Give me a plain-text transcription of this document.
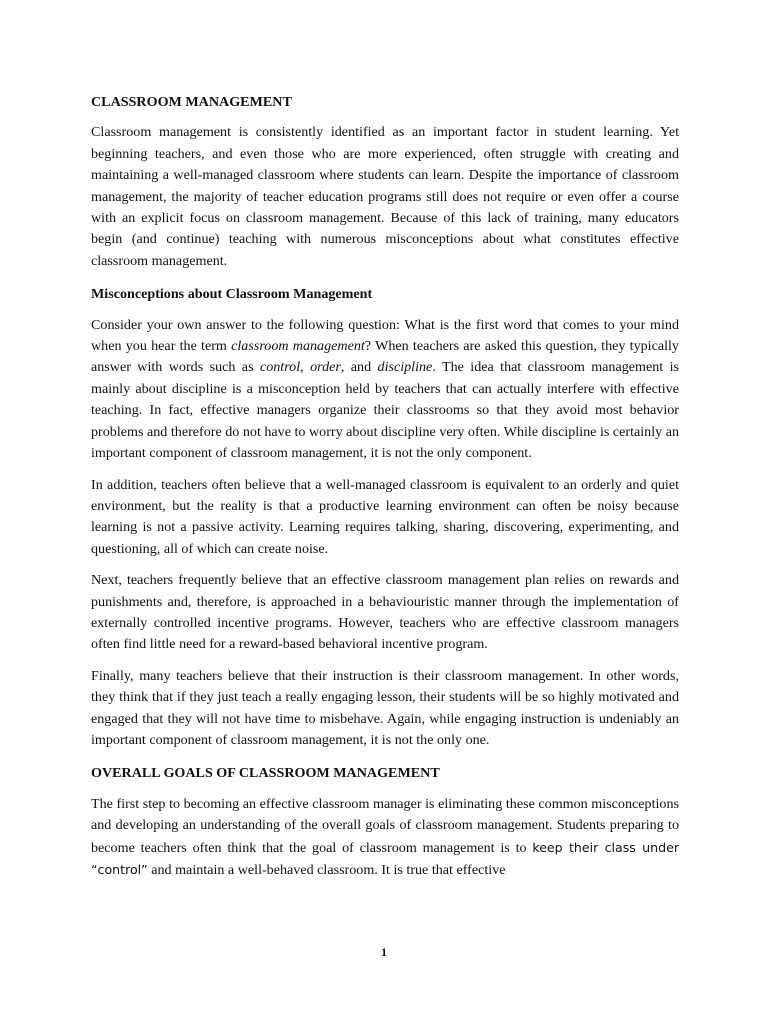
CLASSROOM MANAGEMENT

Classroom management is consistently identified as an important factor in student learning. Yet beginning teachers, and even those who are more experienced, often struggle with creating and maintaining a well-managed classroom where students can learn. Despite the importance of classroom management, the majority of teacher education programs still does not require or even offer a course with an explicit focus on classroom management. Because of this lack of training, many educators begin (and continue) teaching with numerous misconceptions about what constitutes effective classroom management.

Misconceptions about Classroom Management

Consider your own answer to the following question: What is the first word that comes to your mind when you hear the term classroom management? When teachers are asked this question, they typically answer with words such as control, order, and discipline. The idea that classroom management is mainly about discipline is a misconception held by teachers that can actually interfere with effective teaching. In fact, effective managers organize their classrooms so that they avoid most behavior problems and therefore do not have to worry about discipline very often. While discipline is certainly an important component of classroom management, it is not the only component.

In addition, teachers often believe that a well-managed classroom is equivalent to an orderly and quiet environment, but the reality is that a productive learning environment can often be noisy because learning is not a passive activity. Learning requires talking, sharing, discovering, experimenting, and questioning, all of which can create noise.

Next, teachers frequently believe that an effective classroom management plan relies on rewards and punishments and, therefore, is approached in a behaviouristic manner through the implementation of externally controlled incentive programs. However, teachers who are effective classroom managers often find little need for a reward-based behavioral incentive program.

Finally, many teachers believe that their instruction is their classroom management. In other words, they think that if they just teach a really engaging lesson, their students will be so highly motivated and engaged that they will not have time to misbehave. Again, while engaging instruction is undeniably an important component of classroom management, it is not the only one.

OVERALL GOALS OF CLASSROOM MANAGEMENT

The first step to becoming an effective classroom manager is eliminating these common misconceptions and developing an understanding of the overall goals of classroom management. Students preparing to become teachers often think that the goal of classroom management is to keep their class under “control” and maintain a well-behaved classroom. It is true that effective

1
